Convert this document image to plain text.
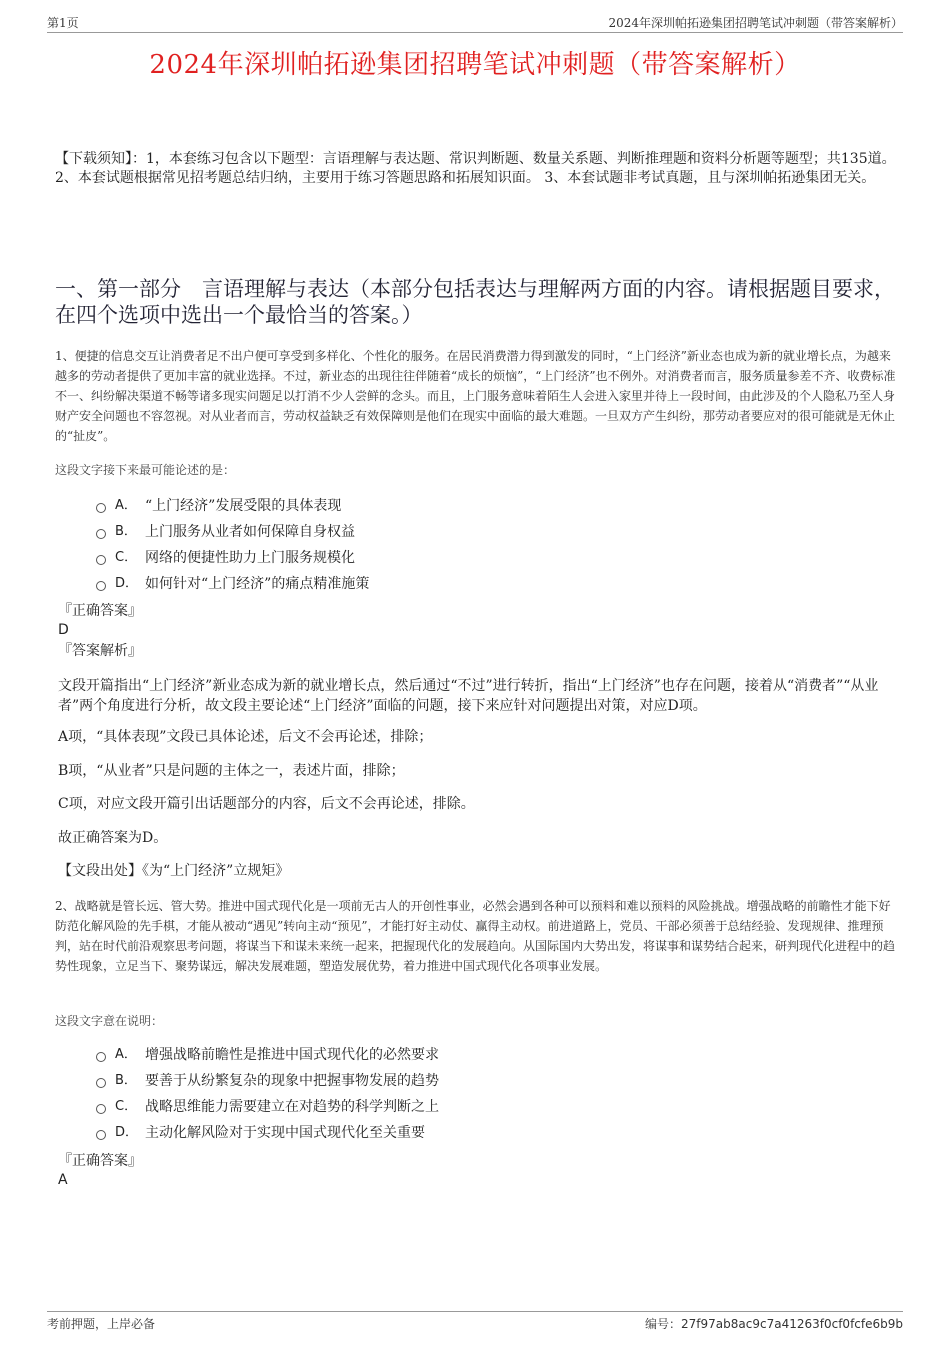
第1页	2024年深圳帕拓逊集团招聘笔试冲刺题（带答案解析）
2024年深圳帕拓逊集团招聘笔试冲刺题（带答案解析）
【下载须知】：1，本套练习包含以下题型：言语理解与表达题、常识判断题、数量关系题、判断推理题和资料分析题等题型；共135道。 2、本套试题根据常见招考题总结归纳，主要用于练习答题思路和拓展知识面。 3、本套试题非考试真题，且与深圳帕拓逊集团无关。
一、第一部分　言语理解与表达（本部分包括表达与理解两方面的内容。请根据题目要求，在四个选项中选出一个最恰当的答案。）
1、便捷的信息交互让消费者足不出户便可享受到多样化、个性化的服务。在居民消费潜力得到激发的同时，“上门经济”新业态也成为新的就业增长点，为越来越多的劳动者提供了更加丰富的就业选择。不过，新业态的出现往往伴随着“成长的烦恼”，“上门经济”也不例外。对消费者而言，服务质量参差不齐、收费标准不一、纠纷解决渠道不畅等诸多现实问题足以打消不少人尝鲜的念头。而且，上门服务意味着陌生人会进入家里并待上一段时间，由此涉及的个人隐私乃至人身财产安全问题也不容忽视。对从业者而言，劳动权益缺乏有效保障则是他们在现实中面临的最大难题。一旦双方产生纠纷，那劳动者要应对的很可能就是无休止的“扯皮”。
这段文字接下来最可能论述的是：
A． “上门经济”发展受限的具体表现
B． 上门服务从业者如何保障自身权益
C． 网络的便捷性助力上门服务规模化
D． 如何针对“上门经济”的痛点精准施策
『正确答案』
D
『答案解析』
文段开篇指出“上门经济”新业态成为新的就业增长点，然后通过“不过”进行转折，指出“上门经济”也存在问题，接着从“消费者”“从业者”两个角度进行分析，故文段主要论述“上门经济”面临的问题，接下来应针对问题提出对策，对应D项。
A项，“具体表现”文段已具体论述，后文不会再论述，排除；
B项，“从业者”只是问题的主体之一，表述片面，排除；
C项，对应文段开篇引出话题部分的内容，后文不会再论述，排除。
故正确答案为D。
【文段出处】《为“上门经济”立规矩》
2、战略就是管长远、管大势。推进中国式现代化是一项前无古人的开创性事业，必然会遇到各种可以预料和难以预料的风险挑战。增强战略的前瞻性才能下好防范化解风险的先手棋，才能从被动“遇见”转向主动“预见”，才能打好主动仗、赢得主动权。前进道路上，党员、干部必须善于总结经验、发现规律、推理预判，站在时代前沿观察思考问题，将谋当下和谋未来统一起来，把握现代化的发展趋向。从国际国内大势出发，将谋事和谋势结合起来，研判现代化进程中的趋势性现象，立足当下、聚势谋远，解决发展难题，塑造发展优势，着力推进中国式现代化各项事业发展。
这段文字意在说明：
A． 增强战略前瞻性是推进中国式现代化的必然要求
B． 要善于从纷繁复杂的现象中把握事物发展的趋势
C． 战略思维能力需要建立在对趋势的科学判断之上
D． 主动化解风险对于实现中国式现代化至关重要
『正确答案』
A
考前押题，上岸必备	编号：27f97ab8ac9c7a41263f0cf0fcfe6b9b
